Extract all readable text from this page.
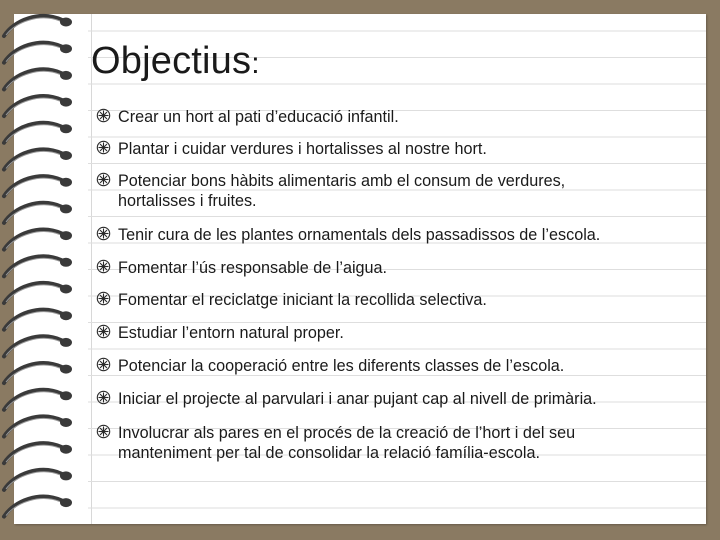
Objectius:
Crear un hort al pati d’educació infantil.
Plantar i cuidar verdures i hortalisses al nostre hort.
Potenciar bons hàbits alimentaris amb el consum de verdures,
hortalisses i fruites.
Tenir cura de les plantes ornamentals dels passadissos de l’escola.
Fomentar l’ús responsable de l’aigua.
Fomentar el reciclatge iniciant la recollida selectiva.
Estudiar l’entorn natural proper.
Potenciar la cooperació entre les diferents classes de l’escola.
Iniciar el projecte al parvulari i anar pujant cap al nivell de primària.
Involucrar als pares en el procés de la creació de l’hort i del seu
manteniment per tal de consolidar la relació família-escola.
